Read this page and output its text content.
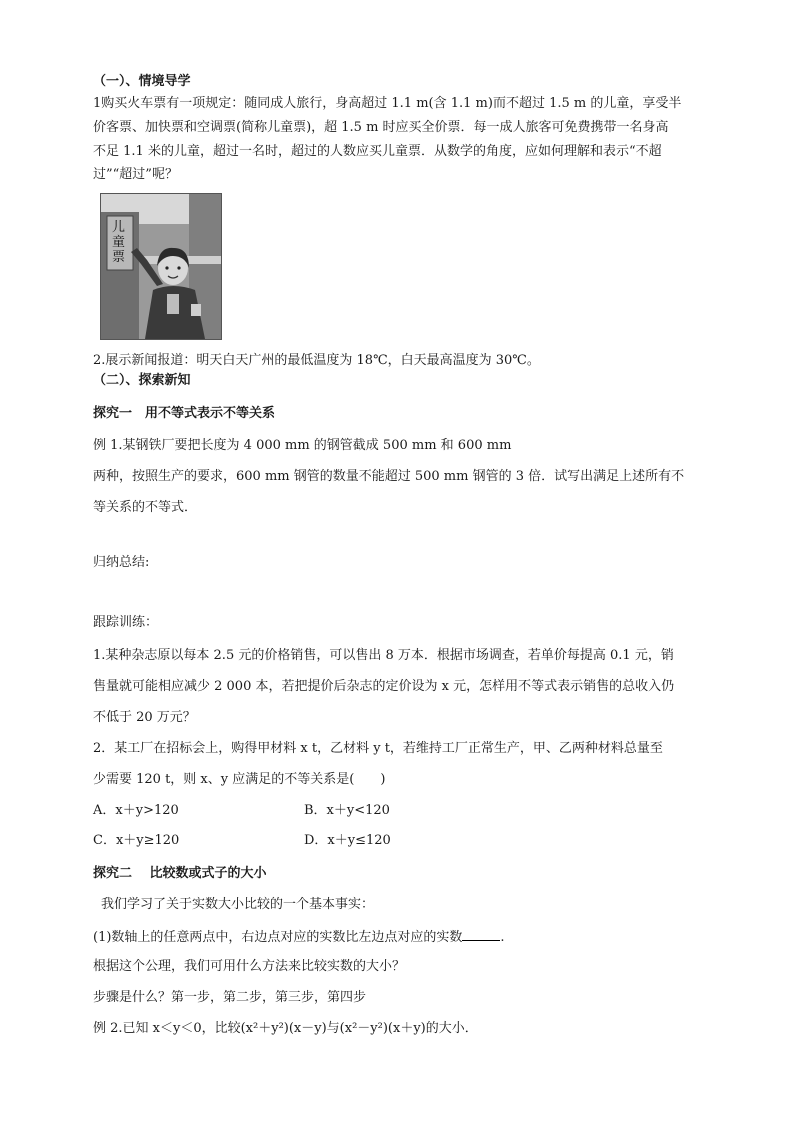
（一）、情境导学
1购买火车票有一项规定：随同成人旅行，身高超过 1.1 m(含 1.1 m)而不超过 1.5 m 的儿童，享受半
价客票、加快票和空调票(简称儿童票)，超 1.5 m 时应买全价票．每一成人旅客可免费携带一名身高
不足 1.1 米的儿童，超过一名时，超过的人数应买儿童票．从数学的角度，应如何理解和表示“不超
过”“超过”呢？
儿童票
2.展示新闻报道：明天白天广州的最低温度为 18℃，白天最高温度为 30℃。
（二）、探索新知
探究一　用不等式表示不等关系
例 1.某钢铁厂要把长度为 4 000 mm 的钢管截成 500 mm 和 600 mm
两种，按照生产的要求，600 mm 钢管的数量不能超过 500 mm 钢管的 3 倍．试写出满足上述所有不
等关系的不等式．
归纳总结:
跟踪训练：
1.某种杂志原以每本 2.5 元的价格销售，可以售出 8 万本．根据市场调查，若单价每提高 0.1 元，销
售量就可能相应减少 2 000 本，若把提价后杂志的定价设为 x 元，怎样用不等式表示销售的总收入仍
不低于 20 万元？
2．某工厂在招标会上，购得甲材料 x t，乙材料 y t，若维持工厂正常生产，甲、乙两种材料总量至
少需要 120 t，则 x、y 应满足的不等关系是(　　)
A．x＋y>120	B．x＋y<120
C．x＋y≥120	D．x＋y≤120
探究二　 比较数或式子的大小
我们学习了关于实数大小比较的一个基本事实：
(1)数轴上的任意两点中，右边点对应的实数比左边点对应的实数	.
根据这个公理，我们可用什么方法来比较实数的大小？
步骤是什么？第一步，第二步，第三步，第四步
例 2.已知 x＜y＜0，比较(x²＋y²)(x－y)与(x²－y²)(x＋y)的大小．
